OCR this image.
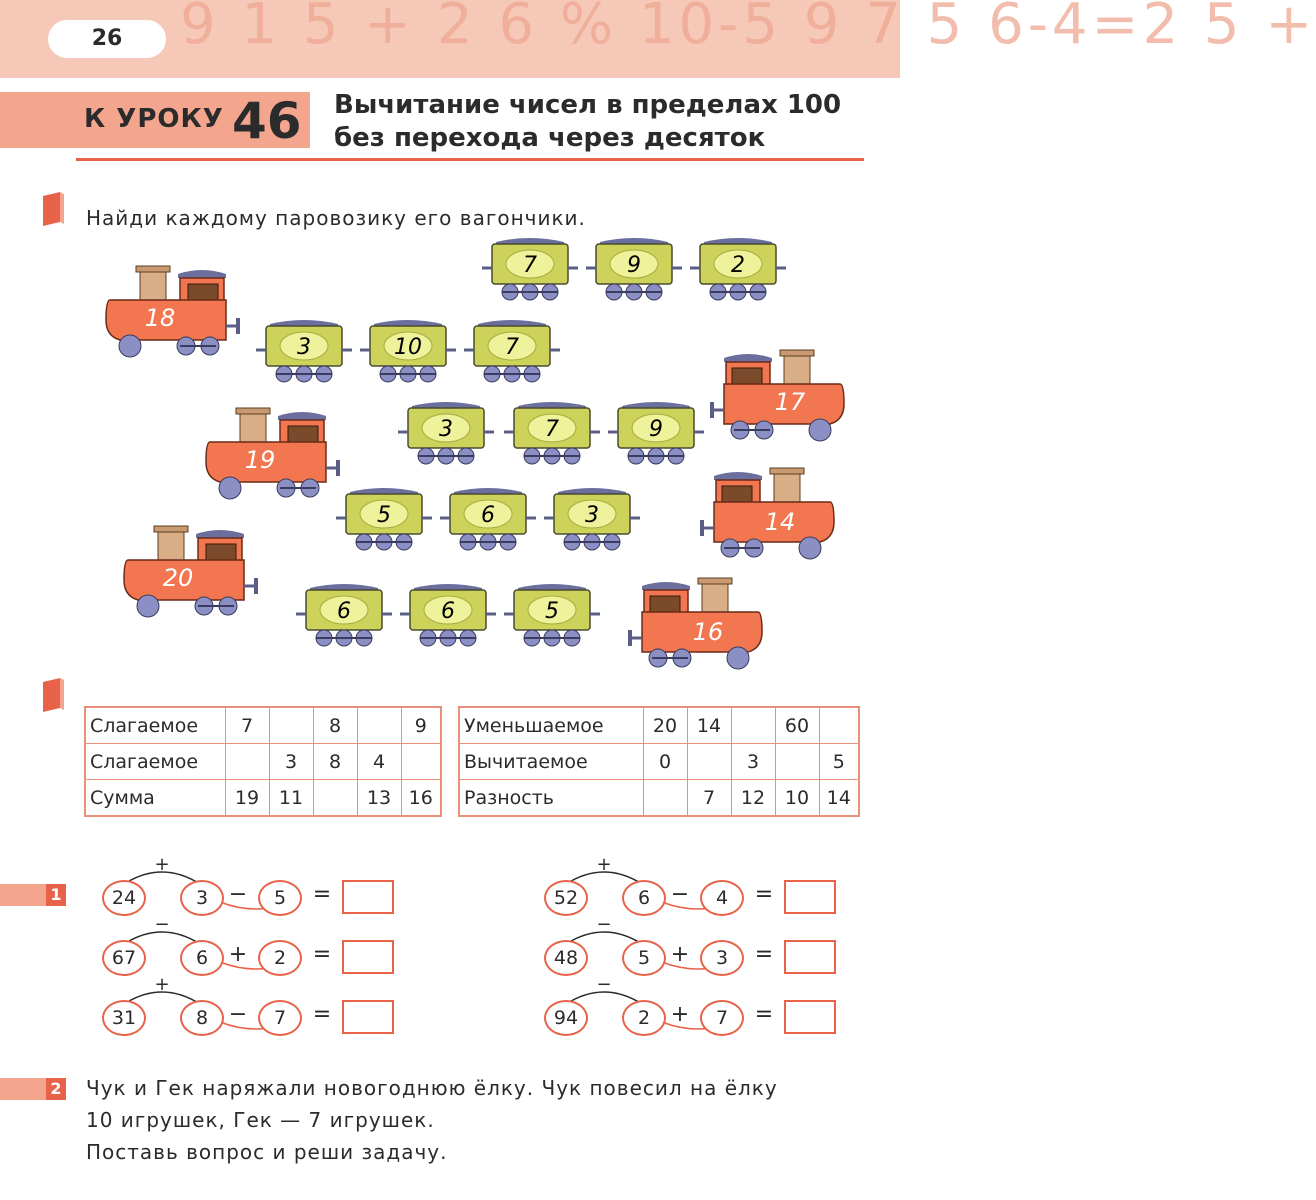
9 1 5 + 2 6 % 10-5 9 7 5 6-4=2 5 +
26
К УРОКУ 46 Вычитание чисел в пределах 100
без перехода через десяток
Найди каждому паровозику его вагончики.
18
17
19
14
20
16
7	9	2
3	10	7
3	7	9
5	6	3
6	6	5
Слагаемое	7		8		9
Слагаемое		3	8	4	
Сумма	19	11		13	16
Уменьшаемое	20	14		60	
Вычитаемое	0		3		5
Разность		7	12	10	14
1
+
24	3 −	5	=
−
67	6 +	2	=
+
31	8 −	7	=
+
52	6 −	4	=
−
48	5 +	3	=
−
94	2 +	7	=
2 Чук и Гек наряжали новогоднюю ёлку. Чук повесил на ёлку
10 игрушек, Гек — 7 игрушек.
Поставь вопрос и реши задачу.
